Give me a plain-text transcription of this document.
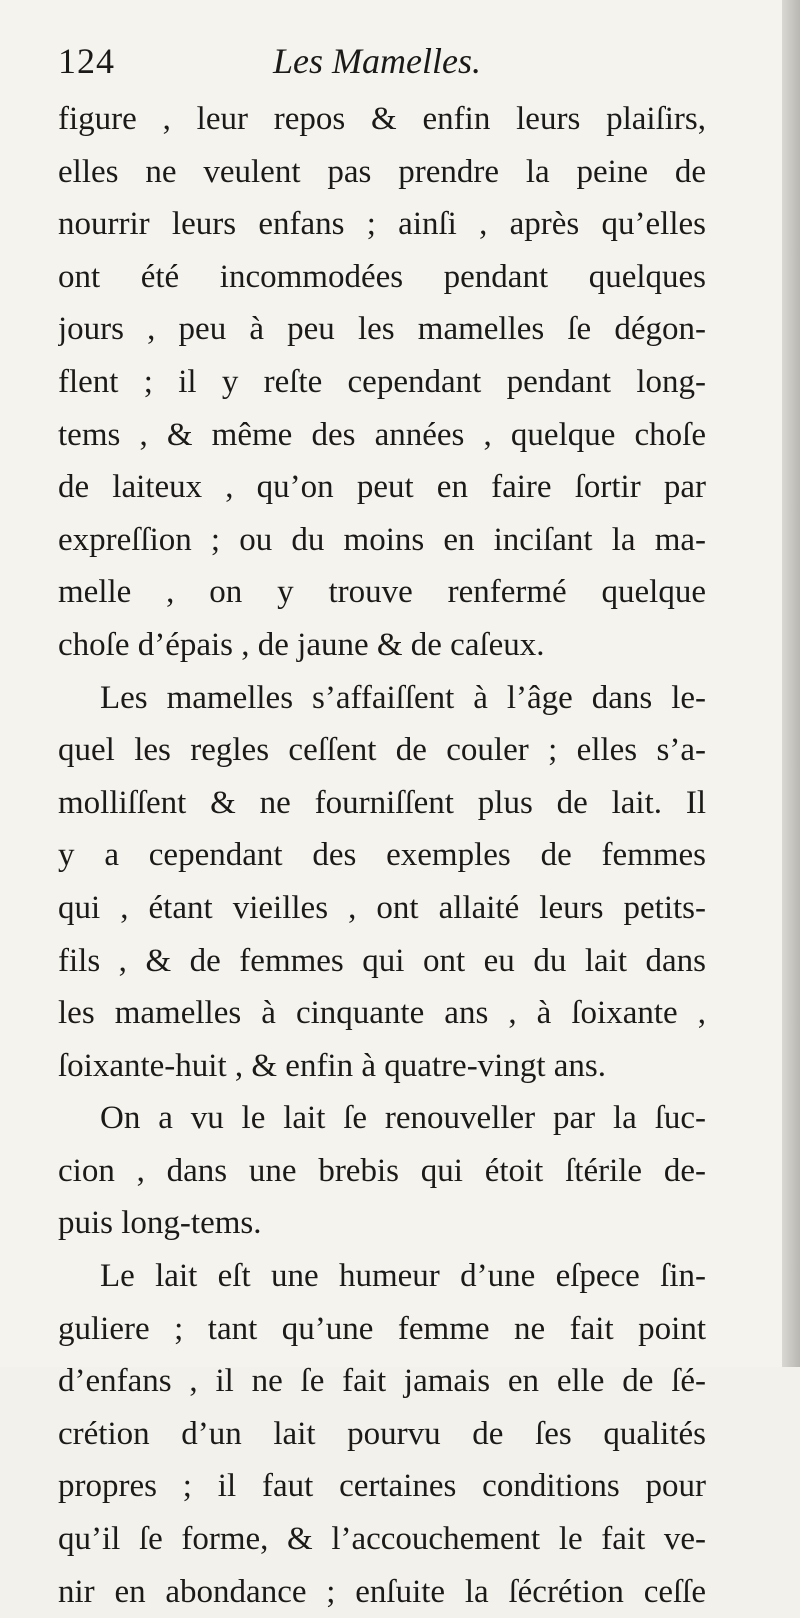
124	Les Mamelles.
figure , leur repos & enfin leurs plaiſirs,
elles ne veulent pas prendre la peine de
nourrir leurs enfans ; ainſi , après qu’elles
ont été incommodées pendant quelques
jours , peu à peu les mamelles ſe dégon-
flent ; il y reſte cependant pendant long-
tems , & même des années , quelque choſe
de laiteux , qu’on peut en faire ſortir par
expreſſion ; ou du moins en inciſant la ma-
melle , on y trouve renfermé quelque
choſe d’épais , de jaune & de caſeux.
Les mamelles s’affaiſſent à l’âge dans le-
quel les regles ceſſent de couler ; elles s’a-
molliſſent & ne fourniſſent plus de lait. Il
y a cependant des exemples de femmes
qui , étant vieilles , ont allaité leurs petits-
fils , & de femmes qui ont eu du lait dans
les mamelles à cinquante ans , à ſoixante ,
ſoixante-huit , & enfin à quatre-vingt ans.
On a vu le lait ſe renouveller par la ſuc-
cion , dans une brebis qui étoit ſtérile de-
puis long-tems.
Le lait eſt une humeur d’une eſpece ſin-
guliere ; tant qu’une femme ne fait point
d’enfans , il ne ſe fait jamais en elle de ſé-
crétion d’un lait pourvu de ſes qualités
propres ; il faut certaines conditions pour
qu’il ſe forme, & l’accouchement le fait ve-
nir en abondance ; enſuite la ſécrétion ceſſe
